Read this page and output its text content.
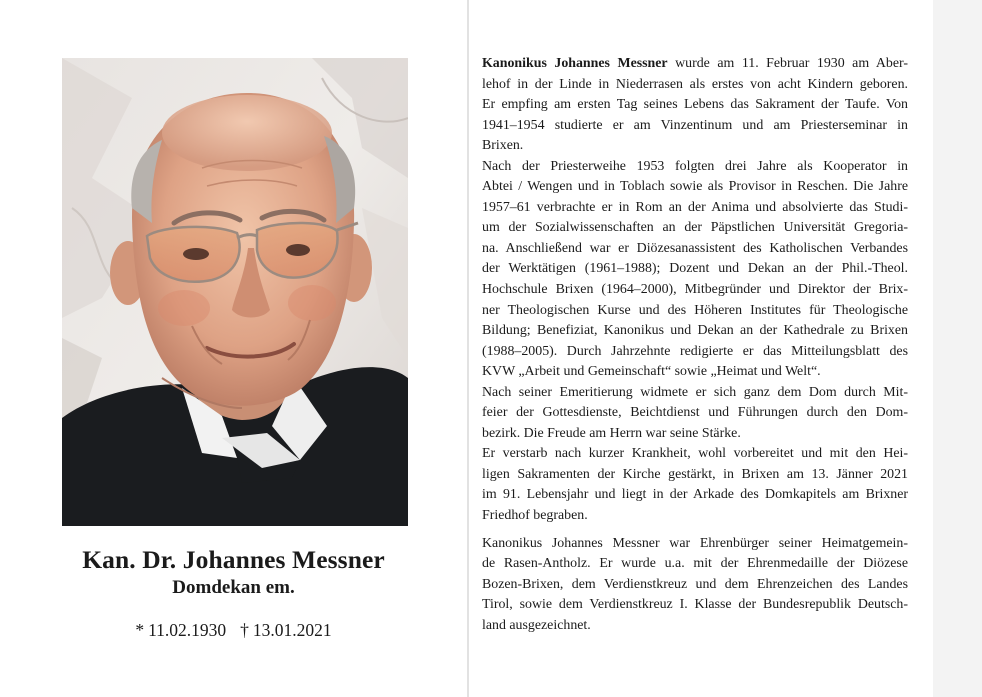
Kan. Dr. Johannes Messner
Domdekan em.
* 11.02.1930 † 13.01.2021
Kanonikus Johannes Messner wurde am 11. Februar 1930 am Aber-
lehof in der Linde in Niederrasen als erstes von acht Kindern geboren.
Er empfing am ersten Tag seines Lebens das Sakrament der Taufe. Von
1941–1954 studierte er am Vinzentinum und am Priesterseminar in
Brixen.
Nach der Priesterweihe 1953 folgten drei Jahre als Kooperator in
Abtei / Wengen und in Toblach sowie als Provisor in Reschen. Die Jahre
1957–61 verbrachte er in Rom an der Anima und absolvierte das Studi-
um der Sozialwissenschaften an der Päpstlichen Universität Gregoria-
na. Anschließend war er Diözesanassistent des Katholischen Verbandes
der Werktätigen (1961–1988); Dozent und Dekan an der Phil.-Theol.
Hochschule Brixen (1964–2000), Mitbegründer und Direktor der Brix-
ner Theologischen Kurse und des Höheren Institutes für Theologische
Bildung; Benefiziat, Kanonikus und Dekan an der Kathedrale zu Brixen
(1988–2005). Durch Jahrzehnte redigierte er das Mitteilungsblatt des
KVW „Arbeit und Gemeinschaft“ sowie „Heimat und Welt“.
Nach seiner Emeritierung widmete er sich ganz dem Dom durch Mit-
feier der Gottesdienste, Beichtdienst und Führungen durch den Dom-
bezirk. Die Freude am Herrn war seine Stärke.
Er verstarb nach kurzer Krankheit, wohl vorbereitet und mit den Hei-
ligen Sakramenten der Kirche gestärkt, in Brixen am 13. Jänner 2021
im 91. Lebensjahr und liegt in der Arkade des Domkapitels am Brixner
Friedhof begraben.
Kanonikus Johannes Messner war Ehrenbürger seiner Heimatgemein-
de Rasen-Antholz. Er wurde u.a. mit der Ehrenmedaille der Diözese
Bozen-Brixen, dem Verdienstkreuz und dem Ehrenzeichen des Landes
Tirol, sowie dem Verdienstkreuz I. Klasse der Bundesrepublik Deutsch-
land ausgezeichnet.
